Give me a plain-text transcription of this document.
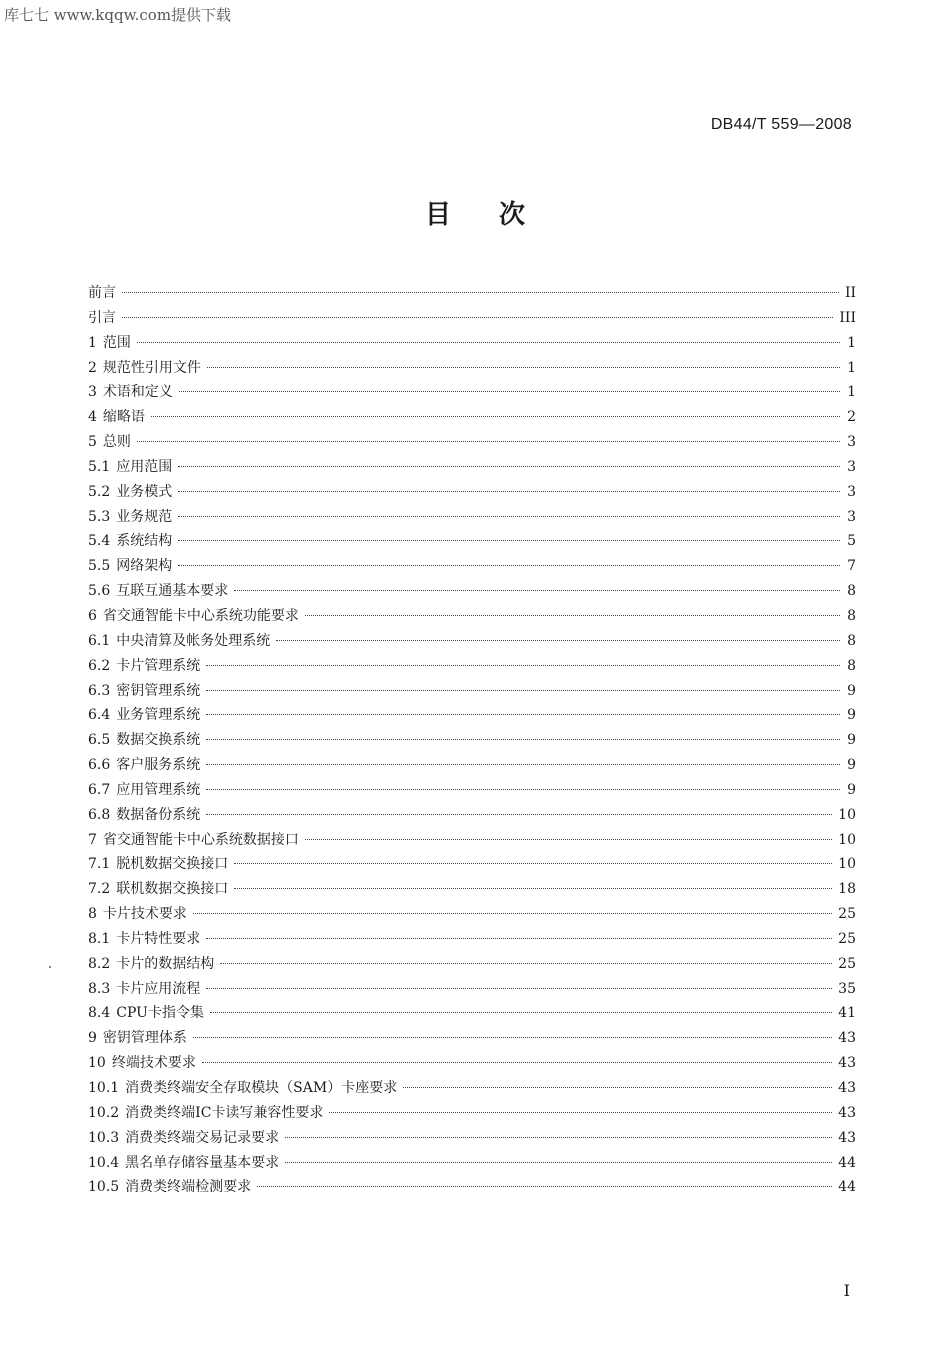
库七七 www.kqqw.com提供下载
DB44/T 559—2008
目次
前言	II
引言	III
1 范围	1
2 规范性引用文件	1
3 术语和定义	1
4 缩略语	2
5 总则	3
5.1 应用范围	3
5.2 业务模式	3
5.3 业务规范	3
5.4 系统结构	5
5.5 网络架构	7
5.6 互联互通基本要求	8
6 省交通智能卡中心系统功能要求	8
6.1 中央清算及帐务处理系统	8
6.2 卡片管理系统	8
6.3 密钥管理系统	9
6.4 业务管理系统	9
6.5 数据交换系统	9
6.6 客户服务系统	9
6.7 应用管理系统	9
6.8 数据备份系统	10
7 省交通智能卡中心系统数据接口	10
7.1 脱机数据交换接口	10
7.2 联机数据交换接口	18
8 卡片技术要求	25
8.1 卡片特性要求	25
8.2 卡片的数据结构	25
8.3 卡片应用流程	35
8.4 CPU卡指令集	41
9 密钥管理体系	43
10 终端技术要求	43
10.1 消费类终端安全存取模块（SAM）卡座要求	43
10.2 消费类终端IC卡读写兼容性要求	43
10.3 消费类终端交易记录要求	43
10.4 黑名单存储容量基本要求	44
10.5 消费类终端检测要求	44
I
